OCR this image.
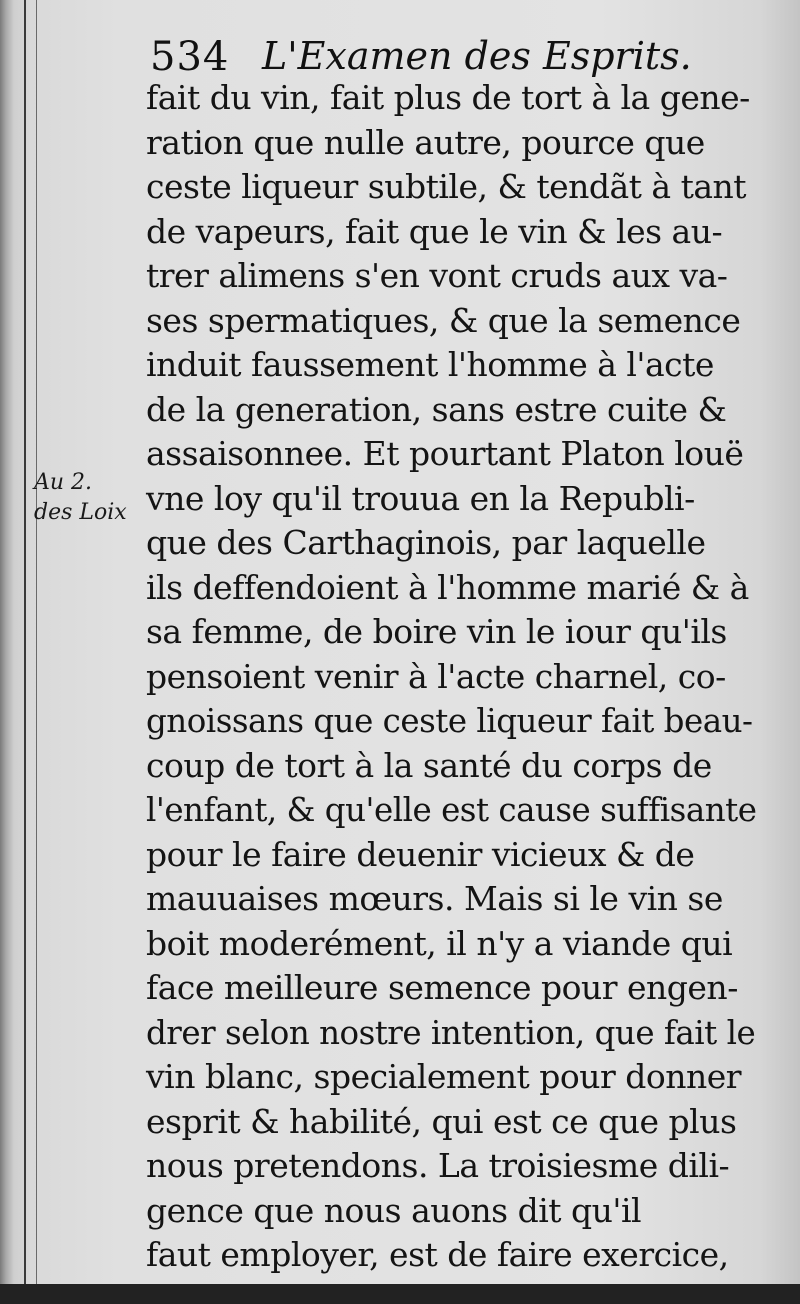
534 L'Examen des Esprits.
Au 2.
des Loix
fait du vin, fait plus de tort à la gene-
ration que nulle autre, pource que
ceste liqueur subtile, & tendãt à tant
de vapeurs, fait que le vin & les au-
trer alimens s'en vont cruds aux va-
ses spermatiques, & que la semence
induit faussement l'homme à l'acte
de la generation, sans estre cuite &
assaisonnee. Et pourtant Platon louë
vne loy qu'il trouua en la Republi-
que des Carthaginois, par laquelle
ils deffendoient à l'homme marié & à
sa femme, de boire vin le iour qu'ils
pensoient venir à l'acte charnel, co-
gnoissans que ceste liqueur fait beau-
coup de tort à la santé du corps de
l'enfant, & qu'elle est cause suffisante
pour le faire deuenir vicieux & de
mauuaises mœurs. Mais si le vin se
boit moderément, il n'y a viande qui
face meilleure semence pour engen-
drer selon nostre intention, que fait le
vin blanc, specialement pour donner
esprit & habilité, qui est ce que plus
nous pretendons. La troisiesme dili-
gence que nous auons dit qu'il
faut employer, est de faire exercice,
